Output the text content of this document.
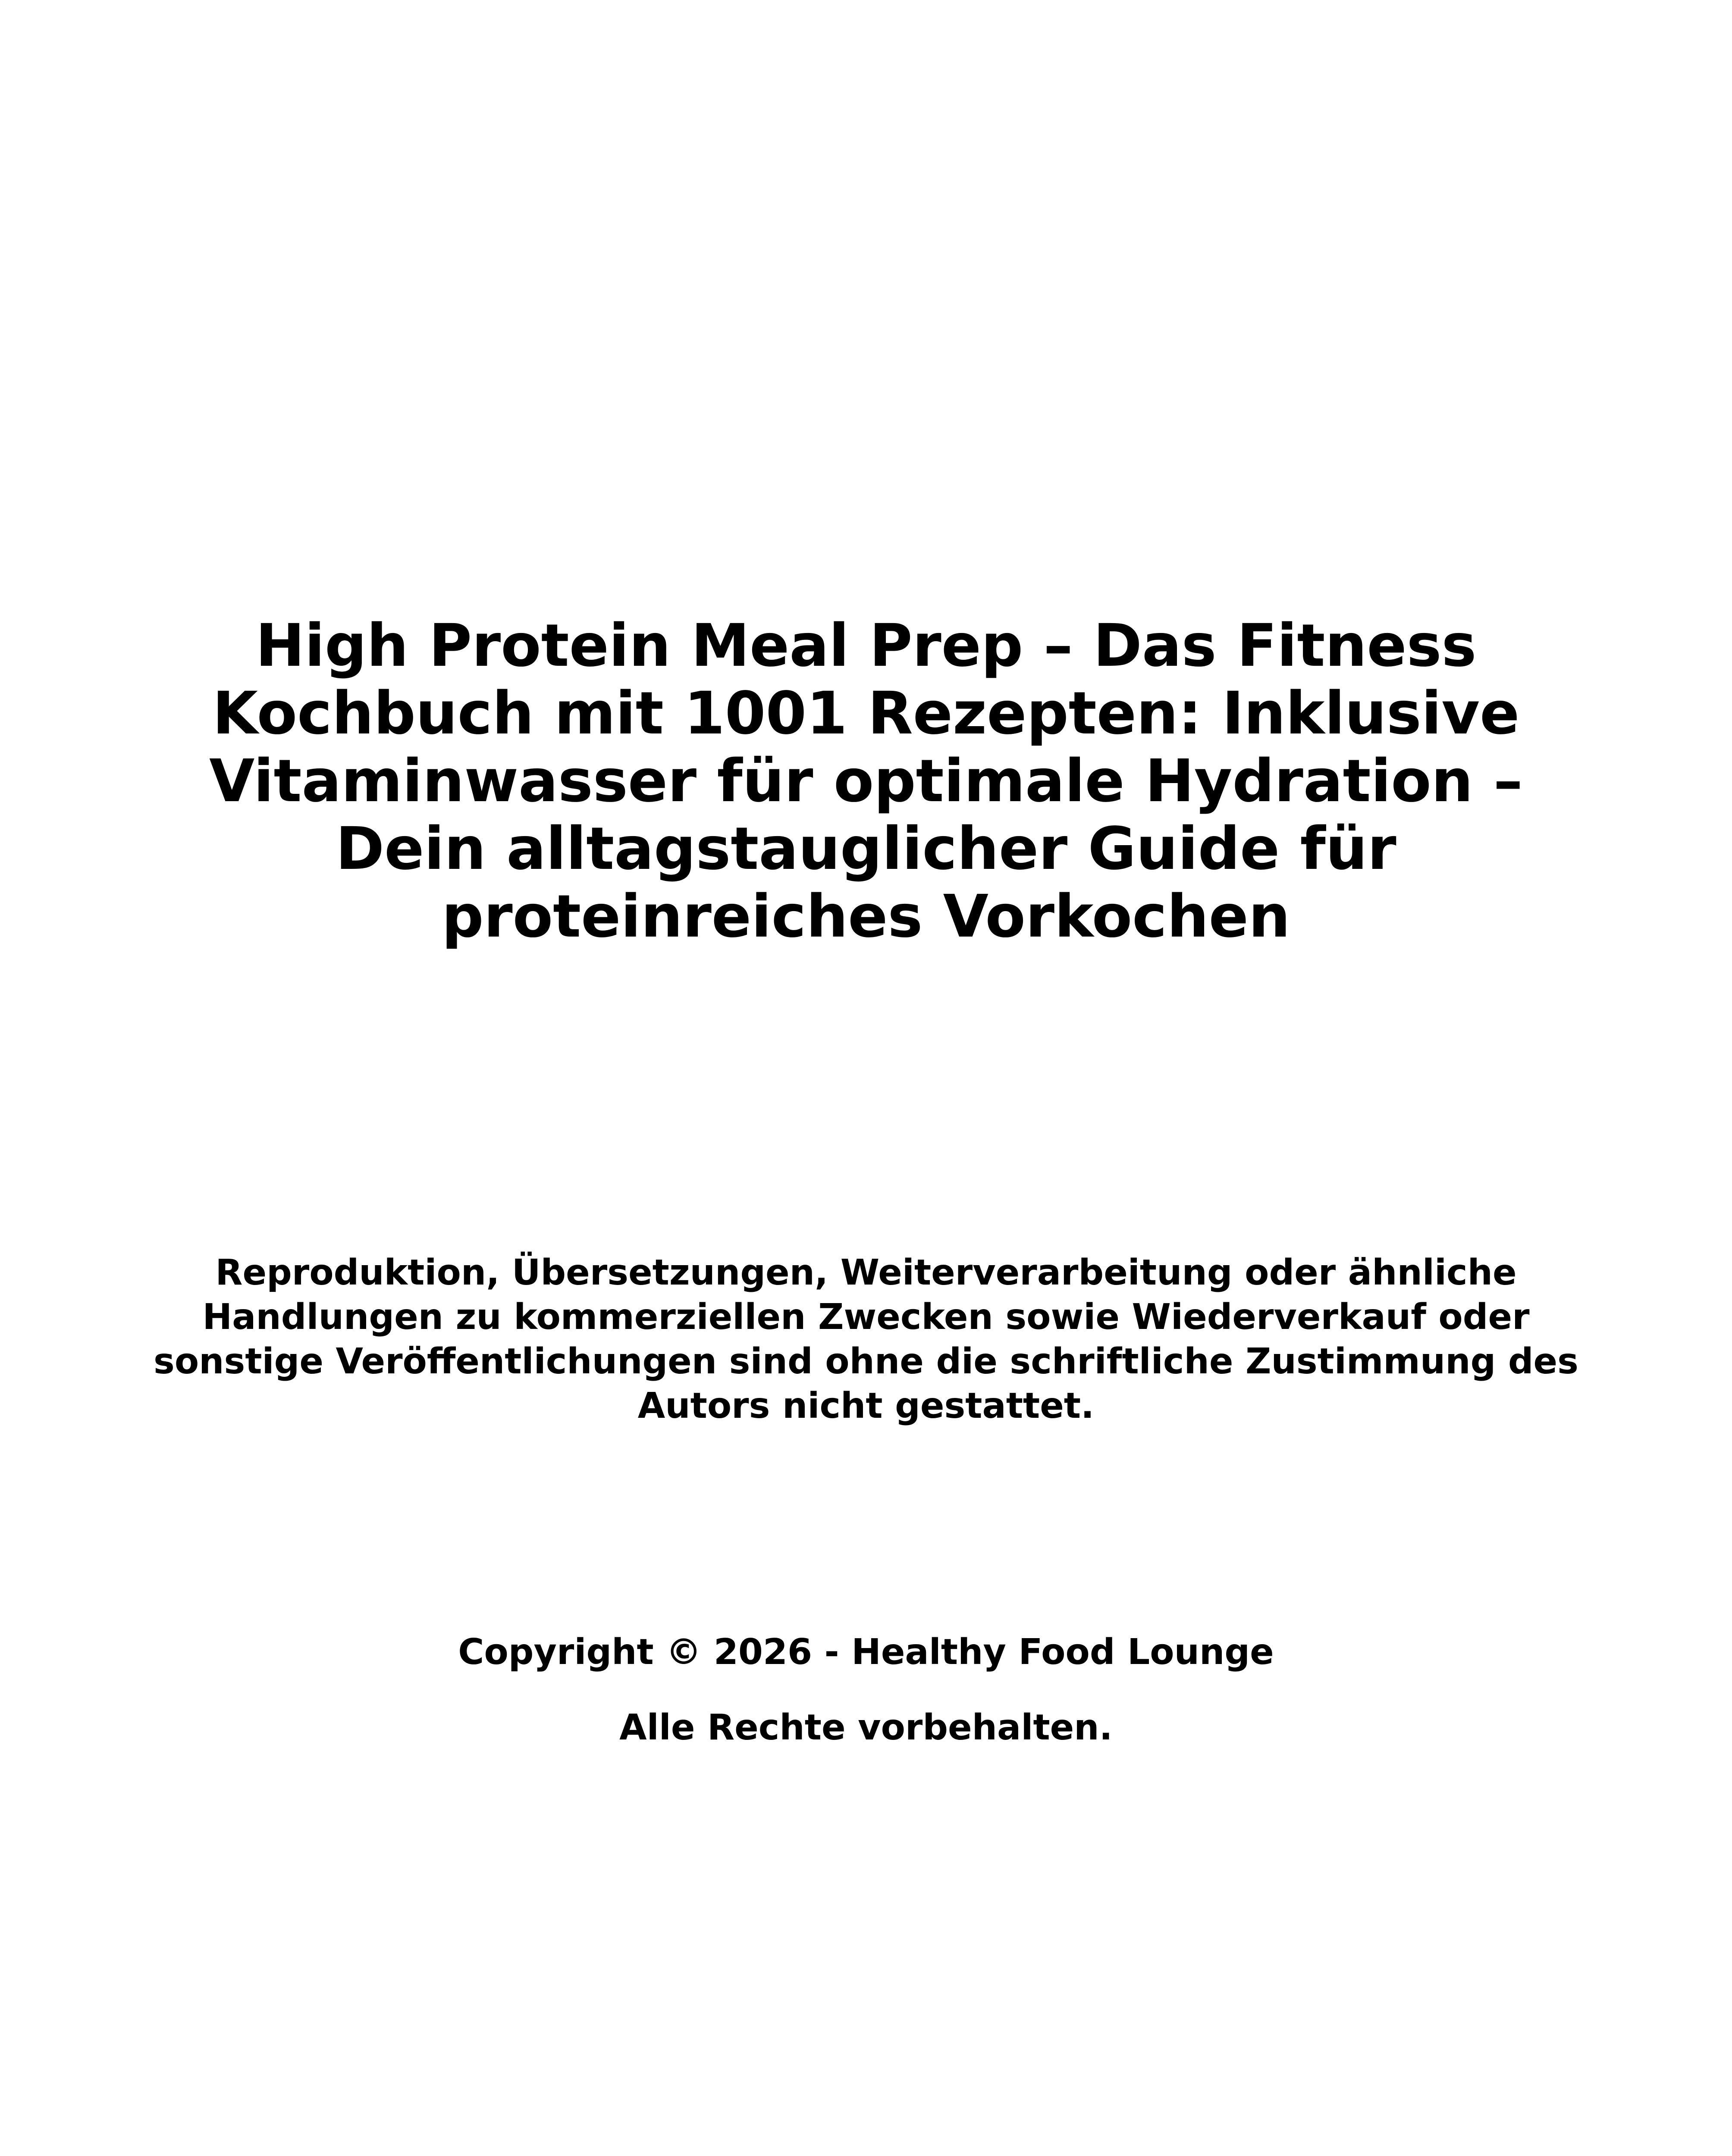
High Protein Meal Prep – Das Fitness
Kochbuch mit 1001 Rezepten: Inklusive
Vitaminwasser für optimale Hydration –
Dein alltagstauglicher Guide für
proteinreiches Vorkochen

Reproduktion, Übersetzungen, Weiterverarbeitung oder ähnliche
Handlungen zu kommerziellen Zwecken sowie Wiederverkauf oder
sonstige Veröffentlichungen sind ohne die schriftliche Zustimmung des
Autors nicht gestattet.

Copyright © 2026 - Healthy Food Lounge

Alle Rechte vorbehalten.
